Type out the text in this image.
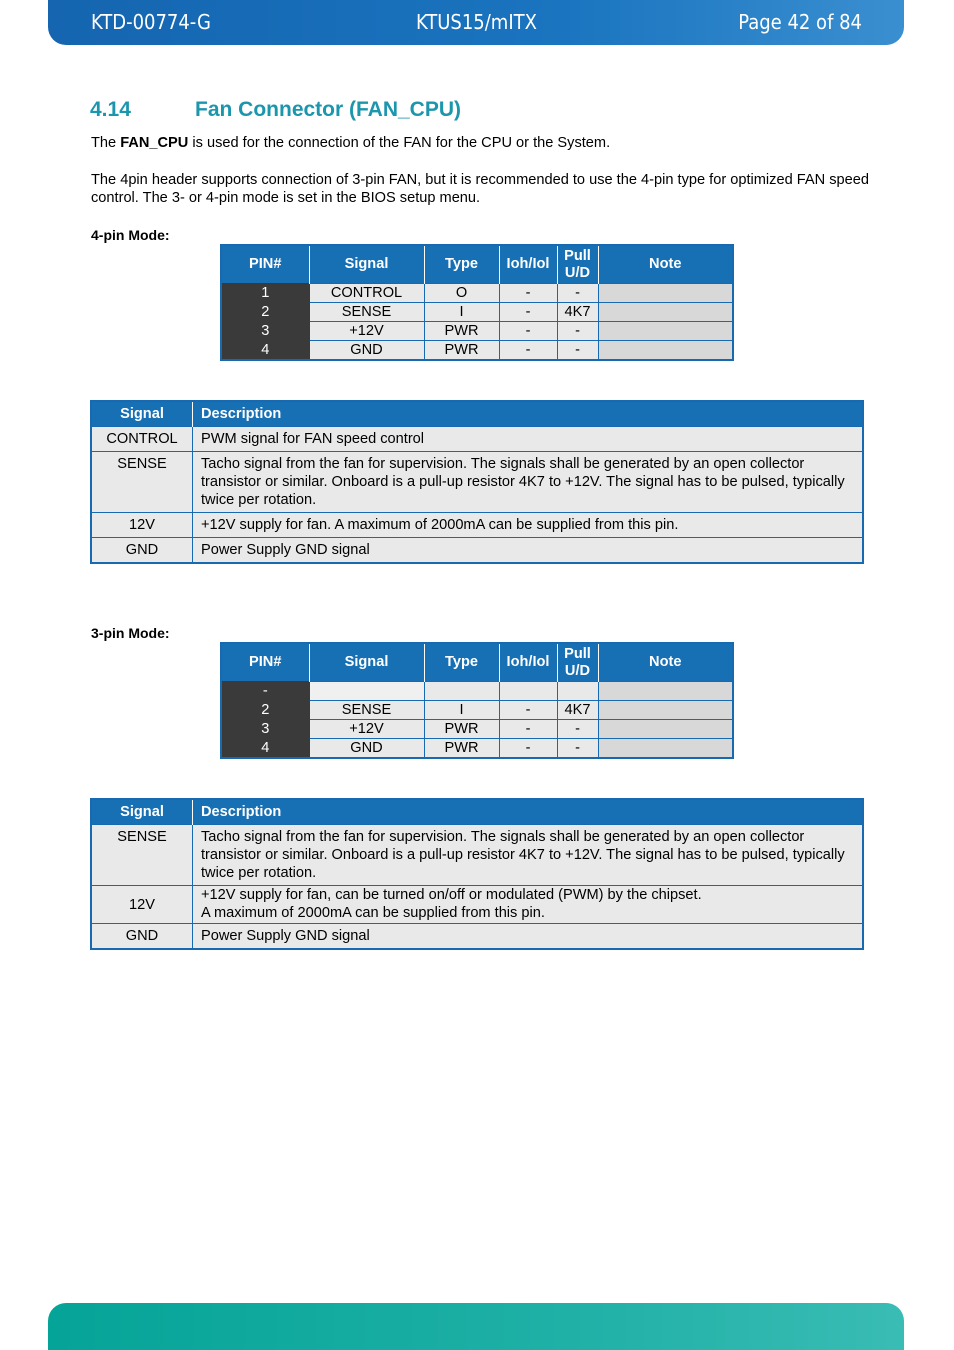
KTD-00774-G	KTUS15/mITX	Page 42 of 84
4.14	Fan Connector (FAN_CPU)

The FAN_CPU is used for the connection of the FAN for the CPU or the System.

The 4pin header supports connection of 3-pin FAN, but it is recommended to use the 4-pin type for optimized FAN speed control. The 3- or 4-pin mode is set in the BIOS setup menu.

4-pin Mode:

PIN#	Signal	Type	Ioh/Iol	Pull U/D	Note
1	CONTROL	O	-	-	
2	SENSE	I	-	4K7	
3	+12V	PWR	-	-	
4	GND	PWR	-	-	
Signal	Description
CONTROL	PWM signal for FAN speed control
SENSE	Tacho signal from the fan for supervision. The signals shall be generated by an open collector transistor or similar. Onboard is a pull-up resistor 4K7 to +12V. The signal has to be pulsed, typically twice per rotation.
12V	+12V supply for fan. A maximum of 2000mA can be supplied from this pin.
GND	Power Supply GND signal

3-pin Mode:

PIN#	Signal	Type	Ioh/Iol	Pull U/D	Note
-					
2	SENSE	I	-	4K7	
3	+12V	PWR	-	-	
4	GND	PWR	-	-	
Signal	Description
SENSE	Tacho signal from the fan for supervision. The signals shall be generated by an open collector transistor or similar. Onboard is a pull-up resistor 4K7 to +12V. The signal has to be pulsed, typically twice per rotation.
12V	+12V supply for fan, can be turned on/off or modulated (PWM) by the chipset.
A maximum of 2000mA can be supplied from this pin.
GND	Power Supply GND signal
